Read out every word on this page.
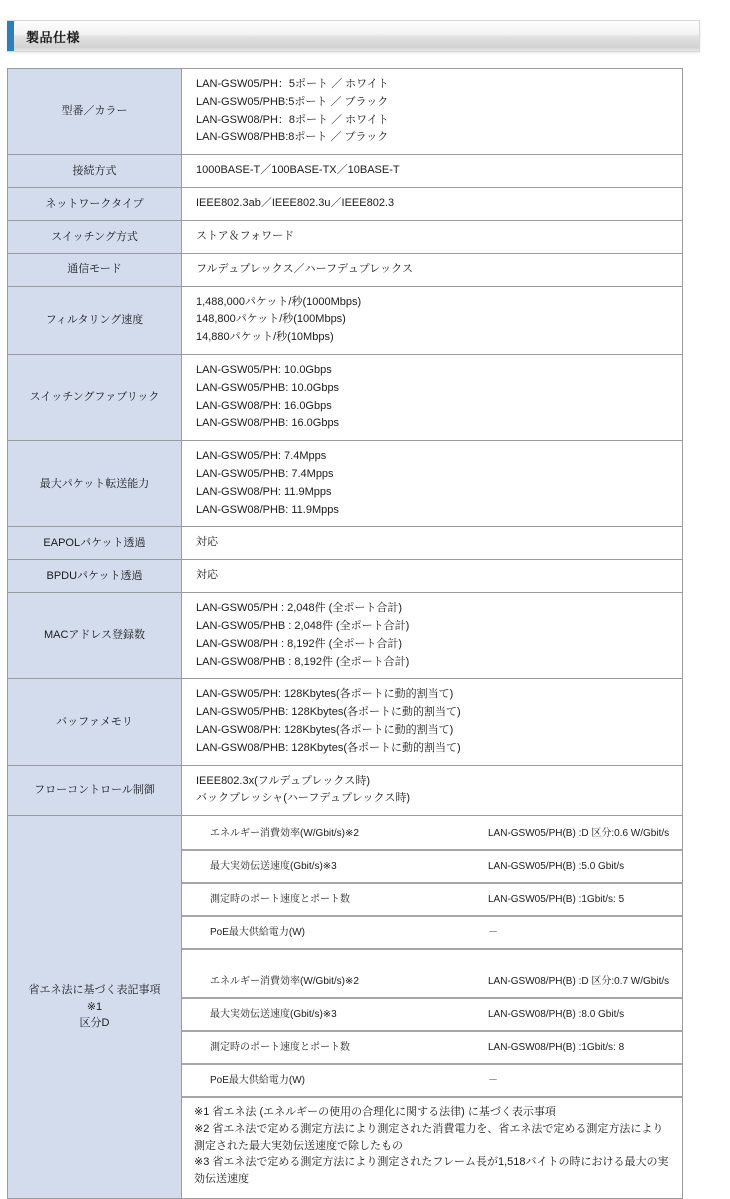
製品仕様
型番／カラー	
LAN-GSW05/PH：5ポート ／ ホワイト
LAN-GSW05/PHB:5ポート ／ ブラック
LAN-GSW08/PH：8ポート ／ ホワイト
LAN-GSW08/PHB:8ポート ／ ブラック

接続方式	1000BASE-T／100BASE-TX／10BASE-T

ネットワークタイプ	IEEE802.3ab／IEEE802.3u／IEEE802.3

スイッチング方式	ストア＆フォワード

通信モード	フルデュプレックス／ハーフデュプレックス

フィルタリング速度	
1,488,000パケット/秒(1000Mbps)
148,800パケット/秒(100Mbps)
14,880パケット/秒(10Mbps)

スイッチングファブリック	
LAN-GSW05/PH: 10.0Gbps
LAN-GSW05/PHB: 10.0Gbps
LAN-GSW08/PH: 16.0Gbps
LAN-GSW08/PHB: 16.0Gbps

最大パケット転送能力	
LAN-GSW05/PH: 7.4Mpps
LAN-GSW05/PHB: 7.4Mpps
LAN-GSW08/PH: 11.9Mpps
LAN-GSW08/PHB: 11.9Mpps

EAPOLパケット透過	対応

BPDUパケット透過	対応

MACアドレス登録数	
LAN-GSW05/PH : 2,048件 (全ポート合計)
LAN-GSW05/PHB : 2,048件 (全ポート合計)
LAN-GSW08/PH : 8,192件 (全ポート合計)
LAN-GSW08/PHB : 8,192件 (全ポート合計)

バッファメモリ	
LAN-GSW05/PH: 128Kbytes(各ポートに動的割当て)
LAN-GSW05/PHB: 128Kbytes(各ポートに動的割当て)
LAN-GSW08/PH: 128Kbytes(各ポートに動的割当て)
LAN-GSW08/PHB: 128Kbytes(各ポートに動的割当て)

フローコントロール制御	
IEEE802.3x(フルデュプレックス時)
バックプレッシャ(ハーフデュプレックス時)

省エネ法に基づく表記事項
※1
区分D

エネルギー消費効率(W/Gbit/s)※2	LAN-GSW05/PH(B) :D 区分:0.6 W/Gbit/s
最大実効伝送速度(Gbit/s)※3	LAN-GSW05/PH(B) :5.0 Gbit/s
測定時のポート速度とポート数	LAN-GSW05/PH(B) :1Gbit/s: 5
PoE最大供給電力(W)	－

エネルギー消費効率(W/Gbit/s)※2	LAN-GSW08/PH(B) :D 区分:0.7 W/Gbit/s
最大実効伝送速度(Gbit/s)※3	LAN-GSW08/PH(B) :8.0 Gbit/s
測定時のポート速度とポート数	LAN-GSW08/PH(B) :1Gbit/s: 8
PoE最大供給電力(W)	－

※1 省エネ法 (エネルギーの使用の合理化に関する法律) に基づく表示事項
※2 省エネ法で定める測定方法により測定された消費電力を、省エネ法で定める測定方法により
測定された最大実効伝送速度で除したもの
※3 省エネ法で定める測定方法により測定されたフレーム長が1,518バイトの時における最大の実
効伝送速度
